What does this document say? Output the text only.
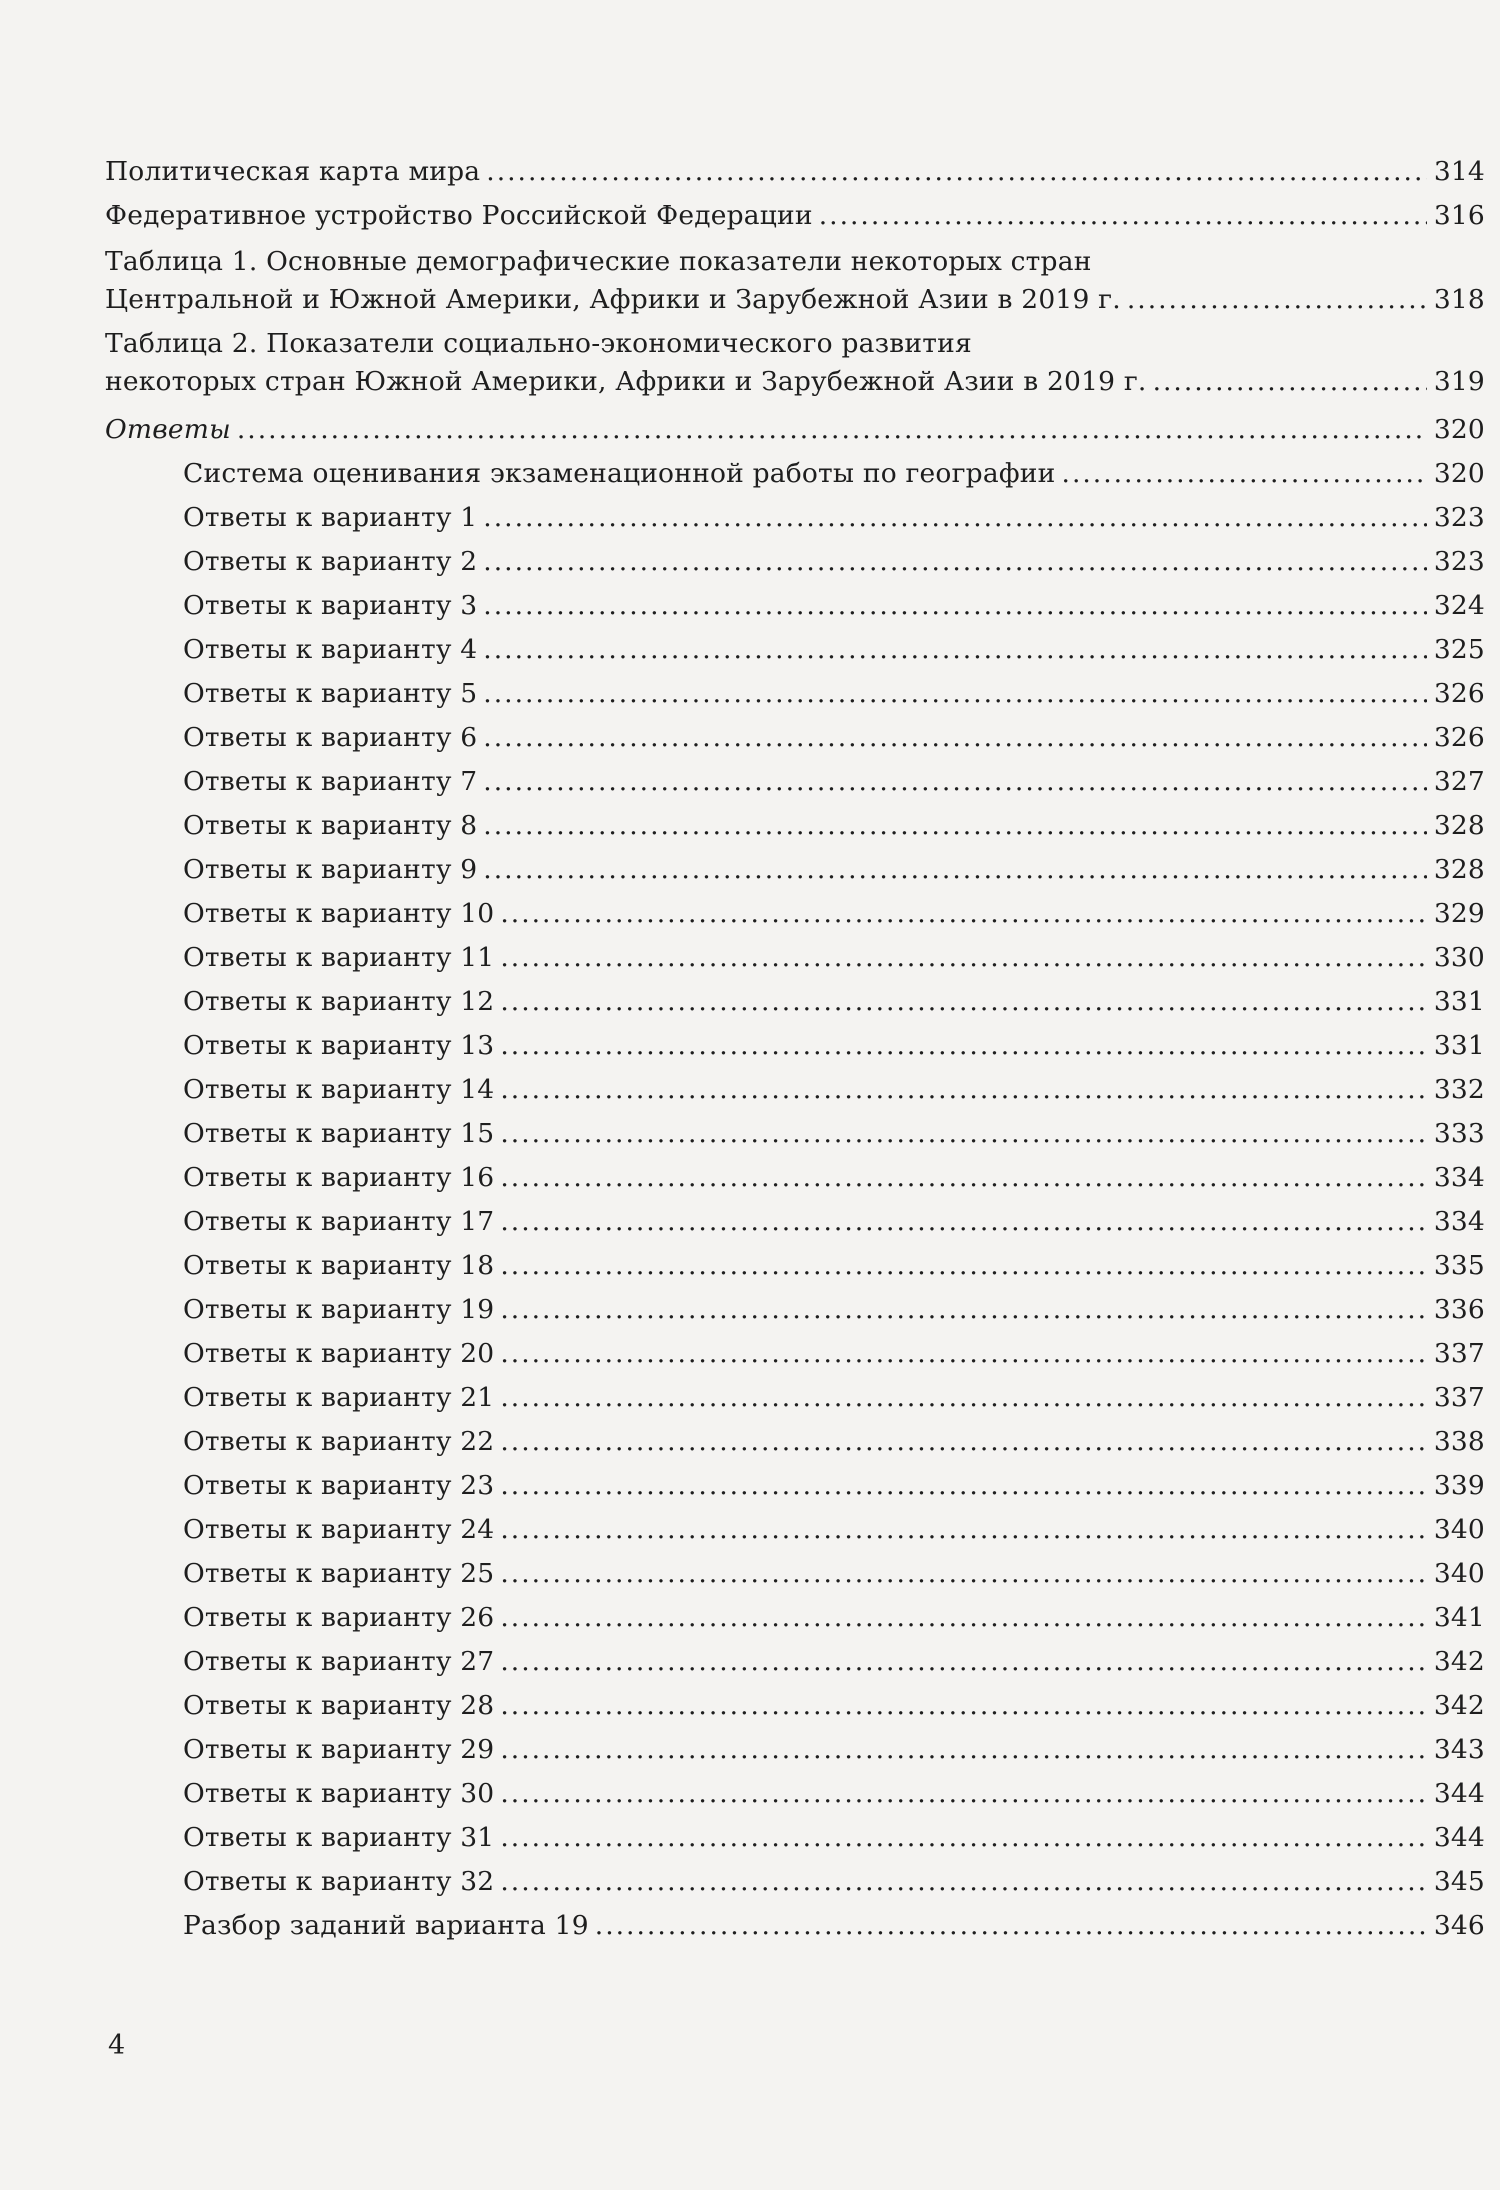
Политическая карта мира .....	314
Федеративное устройство Российской Федерации .....	316
Таблица 1. Основные демографические показатели некоторых стран
Центральной и Южной Америки, Африки и Зарубежной Азии в 2019 г. .....	318
Таблица 2. Показатели социально-экономического развития
некоторых стран Южной Америки, Африки и Зарубежной Азии в 2019 г. .....	319
Ответы .....	320
Система оценивания экзаменационной работы по географии .....	320
Ответы к варианту 1 .....	323
Ответы к варианту 2 .....	323
Ответы к варианту 3 .....	324
Ответы к варианту 4 .....	325
Ответы к варианту 5 .....	326
Ответы к варианту 6 .....	326
Ответы к варианту 7 .....	327
Ответы к варианту 8 .....	328
Ответы к варианту 9 .....	328
Ответы к варианту 10 .....	329
Ответы к варианту 11 .....	330
Ответы к варианту 12 .....	331
Ответы к варианту 13 .....	331
Ответы к варианту 14 .....	332
Ответы к варианту 15 .....	333
Ответы к варианту 16 .....	334
Ответы к варианту 17 .....	334
Ответы к варианту 18 .....	335
Ответы к варианту 19 .....	336
Ответы к варианту 20 .....	337
Ответы к варианту 21 .....	337
Ответы к варианту 22 .....	338
Ответы к варианту 23 .....	339
Ответы к варианту 24 .....	340
Ответы к варианту 25 .....	340
Ответы к варианту 26 .....	341
Ответы к варианту 27 .....	342
Ответы к варианту 28 .....	342
Ответы к варианту 29 .....	343
Ответы к варианту 30 .....	344
Ответы к варианту 31 .....	344
Ответы к варианту 32 .....	345
Разбор заданий варианта 19 .....	346
4
